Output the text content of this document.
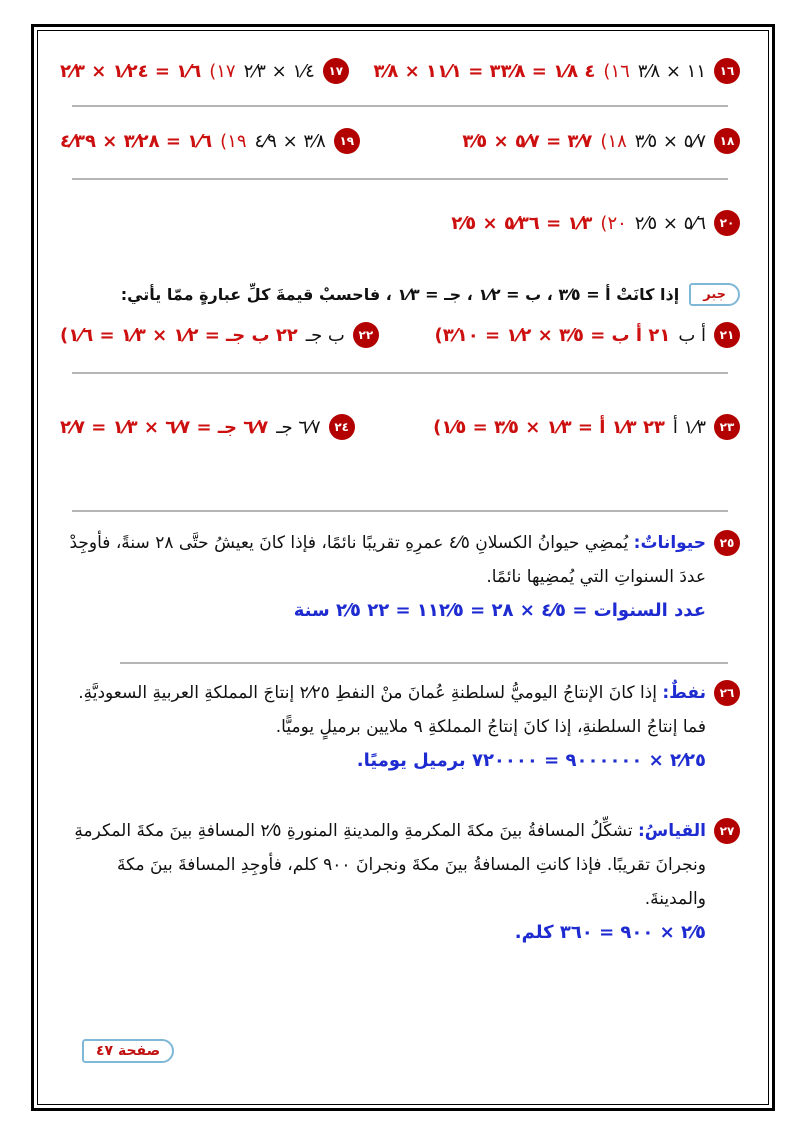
١٦
١١ × ٣⁄٨
(١٦
٤ ١⁄٨ = ٣٣⁄٨ = ١١⁄١ × ٣⁄٨
١٧
١⁄٤ × ٢⁄٣
(١٧
١⁄٦ = ١⁄٢٤ × ٢⁄٣
١٨
٥⁄٧ × ٣⁄٥
(١٨
٣⁄٧ = ٥⁄٧ × ٣⁄٥
١٩
٣⁄٨ × ٤⁄٩
(١٩
١⁄٦ = ٣⁄٢٨ × ٤⁄٣٩
٢٠
٥⁄٦ × ٢⁄٥
(٢٠
١⁄٣ = ٥⁄٣٦ × ٢⁄٥
جبر
إذا كانَتْ أ = ٣⁄٥ ، ب = ١⁄٢ ، جـ = ١⁄٣ ، فاحسبْ قيمةَ كلِّ عبارةٍ ممّا يأتي:
٢١
أ ب
(٢١ أ ب = ٣⁄٥ × ١⁄٢ = ٣⁄١٠
٢٢
ب جـ
(٢٢ ب جـ = ١⁄٢ × ١⁄٣ = ١⁄٦
٢٣
١⁄٣ أ
(٢٣ ١⁄٣ أ = ١⁄٣ × ٣⁄٥ = ١⁄٥
٢٤
٦⁄٧ جـ
٦⁄٧ جـ = ٦⁄٧ × ١⁄٣ = ٢⁄٧
٢٥
حيواناتٌ: يُمضِي حيوانُ الكسلانِ ٤⁄٥ عمرِهِ تقريبًا نائمًا، فإذا كانَ يعيشُ حتَّى ٢٨ سنةً، فأوجِدْ عددَ السنواتِ التي يُمضِيها نائمًا.
عدد السنوات = ٤⁄٥ × ٢٨ = ١١٢⁄٥ = ٢٢ ٢⁄٥ سنة
٢٦
نفطٌ: إذا كانَ الإنتاجُ اليوميُّ لسلطنةِ عُمانَ منْ النفطِ ٢⁄٢٥ إنتاجَ المملكةِ العربيةِ السعوديَّةِ. فما إنتاجُ السلطنةِ، إذا كانَ إنتاجُ المملكةِ ٩ ملايين برميلٍ يوميًّا.
٢⁄٢٥ × ٩٠٠٠٠٠٠ = ٧٢٠٠٠٠ برميل يوميًا.
٢٧
القياسُ: تشكِّلُ المسافةُ بينَ مكةَ المكرمةِ والمدينةِ المنورةِ ٢⁄٥ المسافةِ بينَ مكةَ المكرمةِ ونجرانَ تقريبًا. فإذا كانتِ المسافةُ بينَ مكةَ ونجرانَ ٩٠٠ كلم، فأوجِدِ المسافةَ بينَ مكةَ والمدينةَ.
٢⁄٥ × ٩٠٠ = ٣٦٠ كلم.
صفحة ٤٧
